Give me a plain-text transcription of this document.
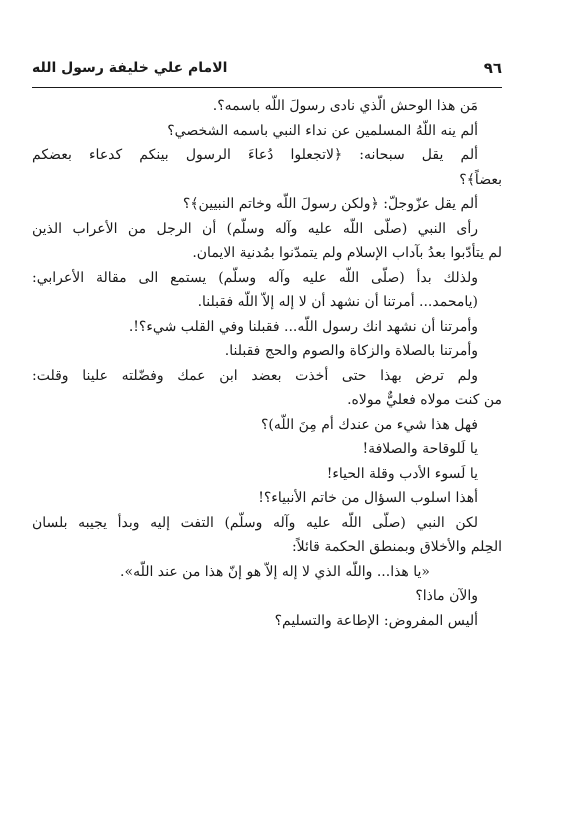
الامام علي خليفة رسول الله	٩٦
مَن هذا الوحش الّذي نادى رسولَ اللّه باسمه؟.
ألم ينه اللّهُ المسلمين عن نداء النبي باسمه الشخصي؟
ألم يقل سبحانه: ﴿لاتجعلوا دُعاءَ الرسول بينكم كدعاء بعضكم
بعضاً﴾؟
ألم يقل عزّوجلّ: ﴿ولكن رسولَ اللّه وخاتم النبيين﴾؟
رأى النبي (صلّى اللّه عليه وآله وسلّم) أن الرجل من الأعراب الذين
لم يتأدّبوا بعدُ بآداب الإسلام ولم يتمدّنوا بمُدنية الايمان.
ولذلك بدأ (صلّى اللّه عليه وآله وسلّم) يستمع الى مقالة الأعرابي:
(يامحمد... أمرتنا أن نشهد أن لا إله إلاّ اللّه فقبلنا.
وأمرتنا أن نشهد انك رسول اللّه... فقبلنا وفي القلب شيء؟!.
وأمرتنا بالصلاة والزكاة والصوم والحج فقبلنا.
ولم ترض بهذا حتى أخذت بعضد ابن عمك وفضّلته علينا وقلت:
من كنت مولاه فعليٌّ مولاه.
فهل هذا شيء من عندك أم مِنَ اللّه)؟
يا لَلوقاحة والصلافة!
يا لَسوء الأدب وقلة الحياء!
أهذا اسلوب السؤال من خاتم الأنبياء؟!
لكن النبي (صلّى اللّه عليه وآله وسلّم) التفت إليه وبدأ يجيبه بلسان
الحِلم والأخلاق وبمنطق الحكمة قائلاً:
«يا هذا... واللّه الذي لا إله إلاّ هو إنّ هذا من عند اللّه».
والآن ماذا؟
أليس المفروض: الإطاعة والتسليم؟
